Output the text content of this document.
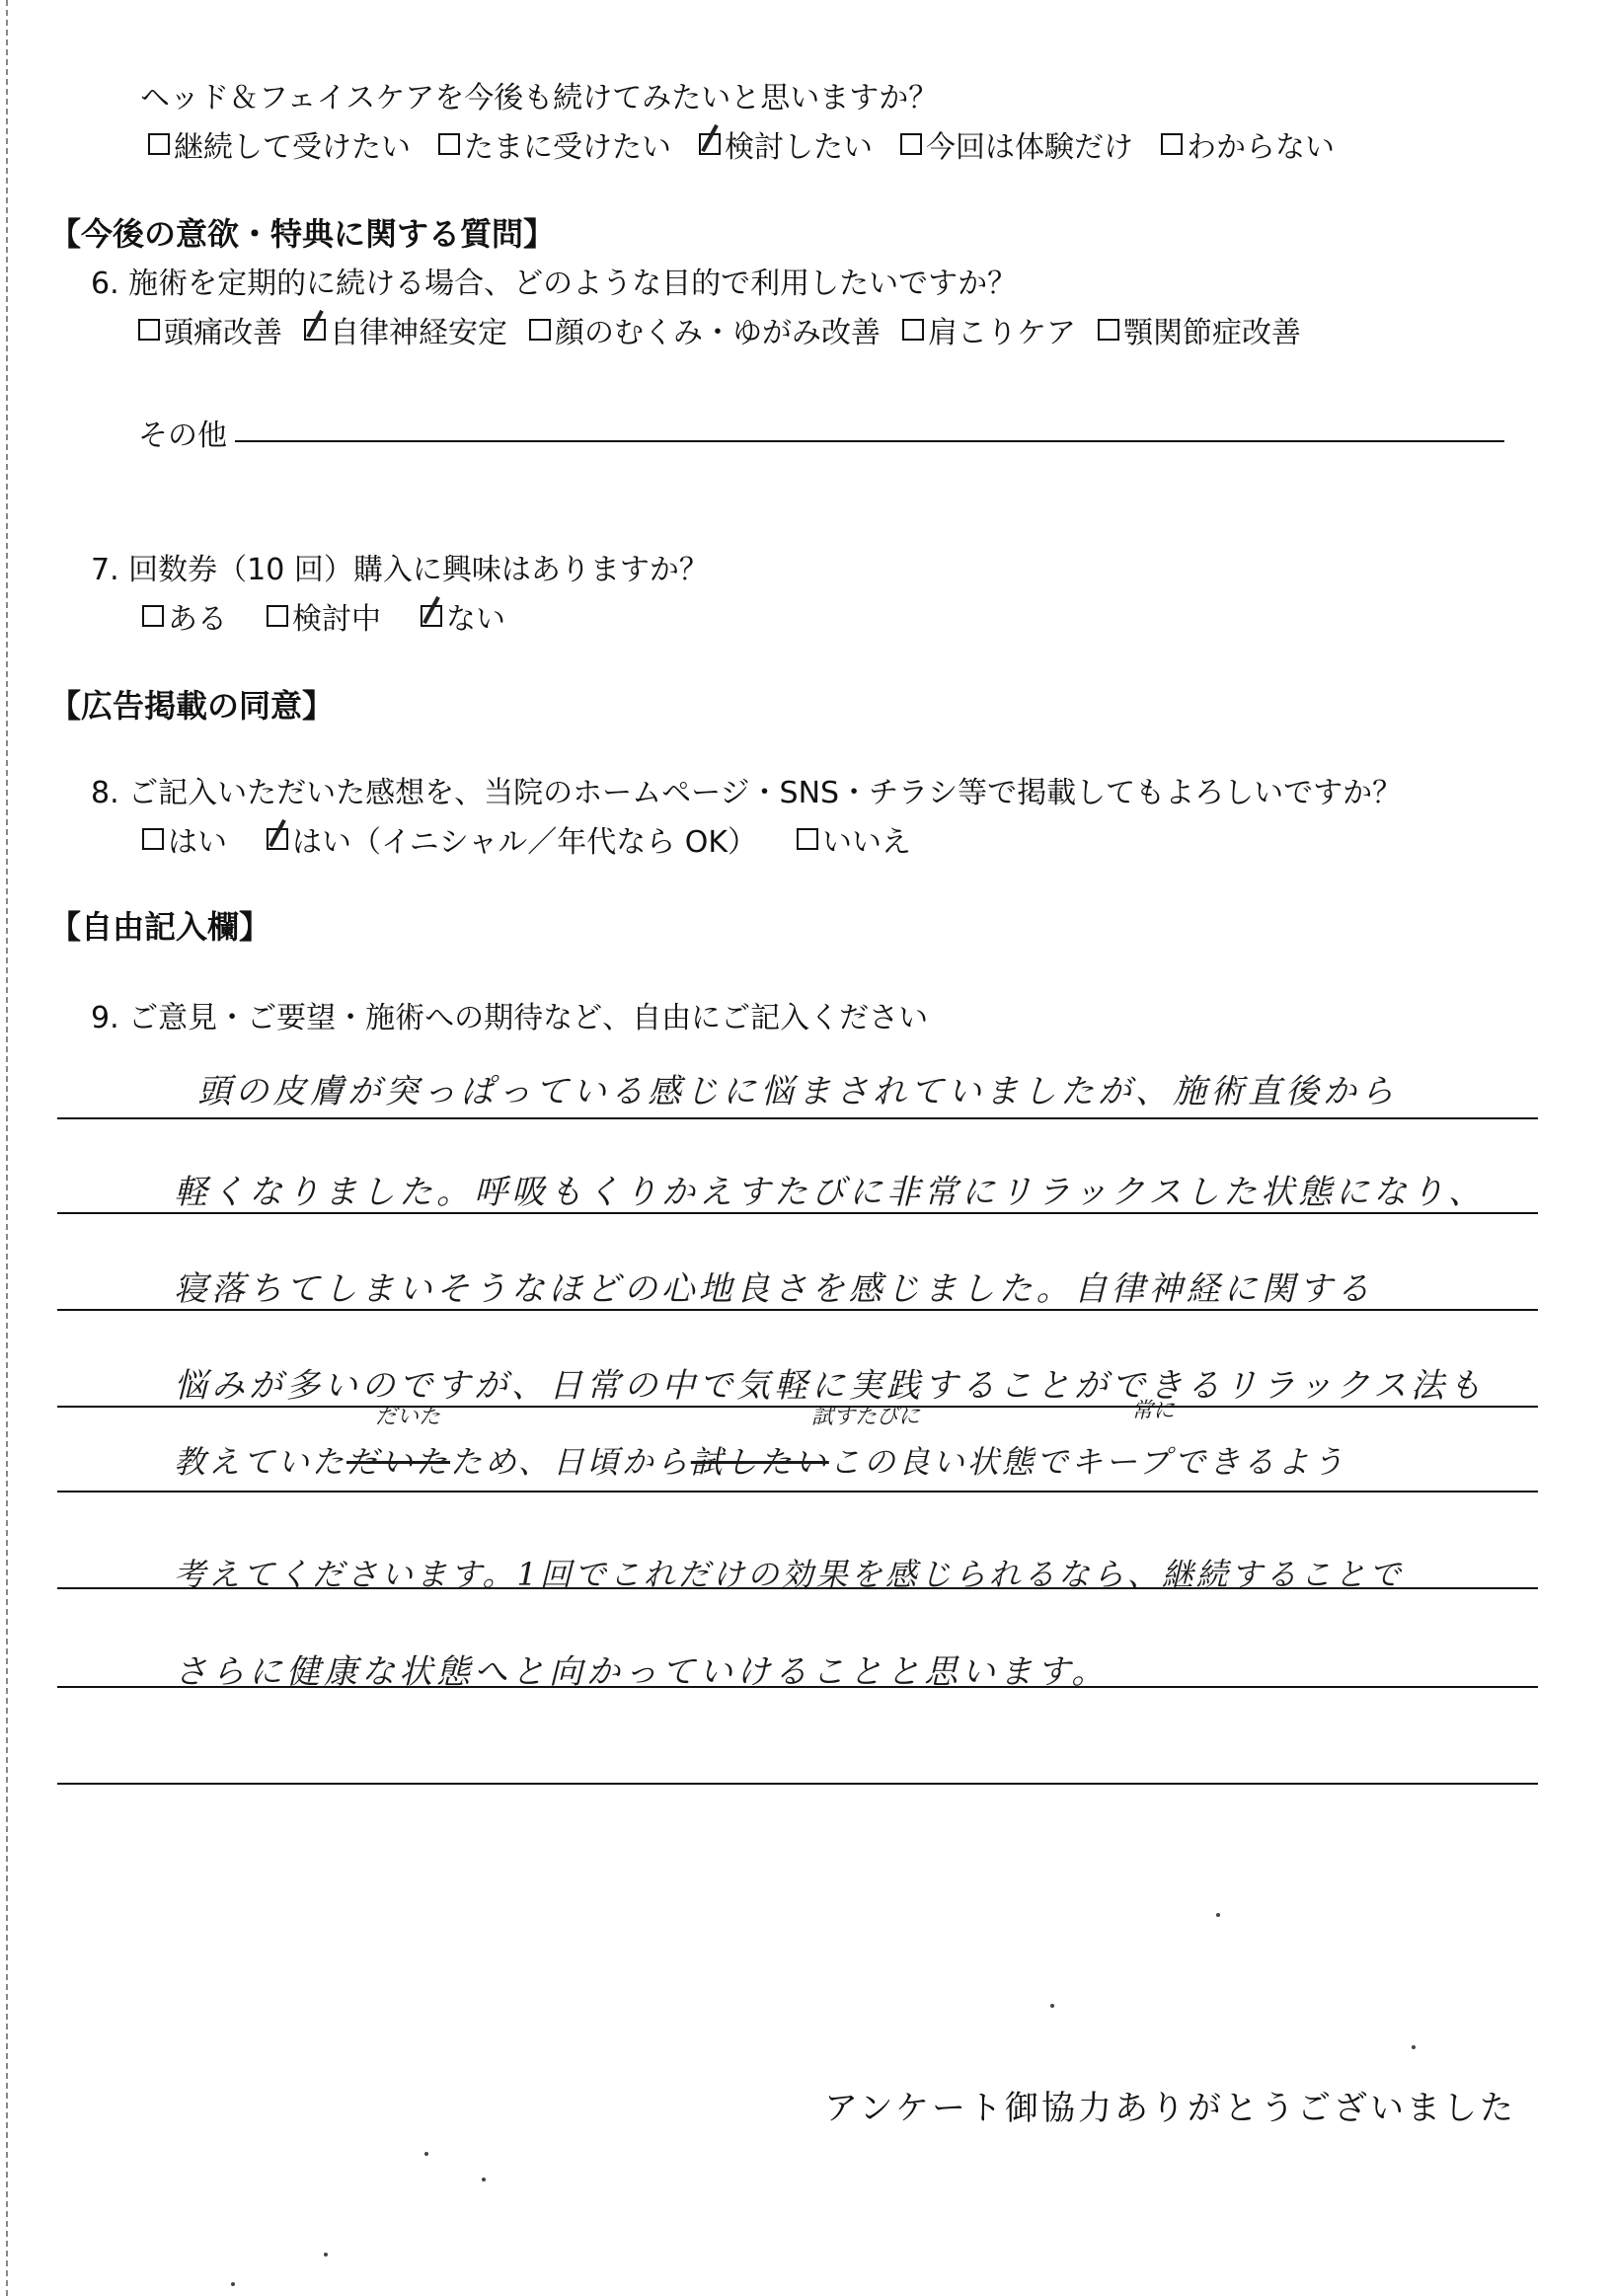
ヘッド＆フェイスケアを今後も続けてみたいと思いますか？
継続して受けたい たまに受けたい 検討したい 今回は体験だけ わからない
【今後の意欲・特典に関する質問】
6. 施術を定期的に続ける場合、どのような目的で利用したいですか？
頭痛改善 自律神経安定 顔のむくみ・ゆがみ改善 肩こりケア 顎関節症改善
その他
7. 回数券（10 回）購入に興味はありますか？
ある 検討中 ない
【広告掲載の同意】
8. ご記入いただいた感想を、当院のホームページ・SNS・チラシ等で掲載してもよろしいですか？
はい はい（イニシャル／年代なら OK） いいえ
【自由記入欄】
9. ご意見・ご要望・施術への期待など、自由にご記入ください
頭の皮膚が突っぱっている感じに悩まされていましたが、施術直後から
軽くなりました。呼吸もくりかえすたびに非常にリラックスした状態になり、
寝落ちてしまいそうなほどの心地良さを感じました。自律神経に関する
悩みが多いのですが、日常の中で気軽に実践することができるリラックス法も
だいた	試すたびに	常に
教えていただいたため、日頃から試したいこの良い状態でキープできるよう
考えてくださいます。1回でこれだけの効果を感じられるなら、継続することで
さらに健康な状態へと向かっていけることと思います。
アンケート御協力ありがとうございました
